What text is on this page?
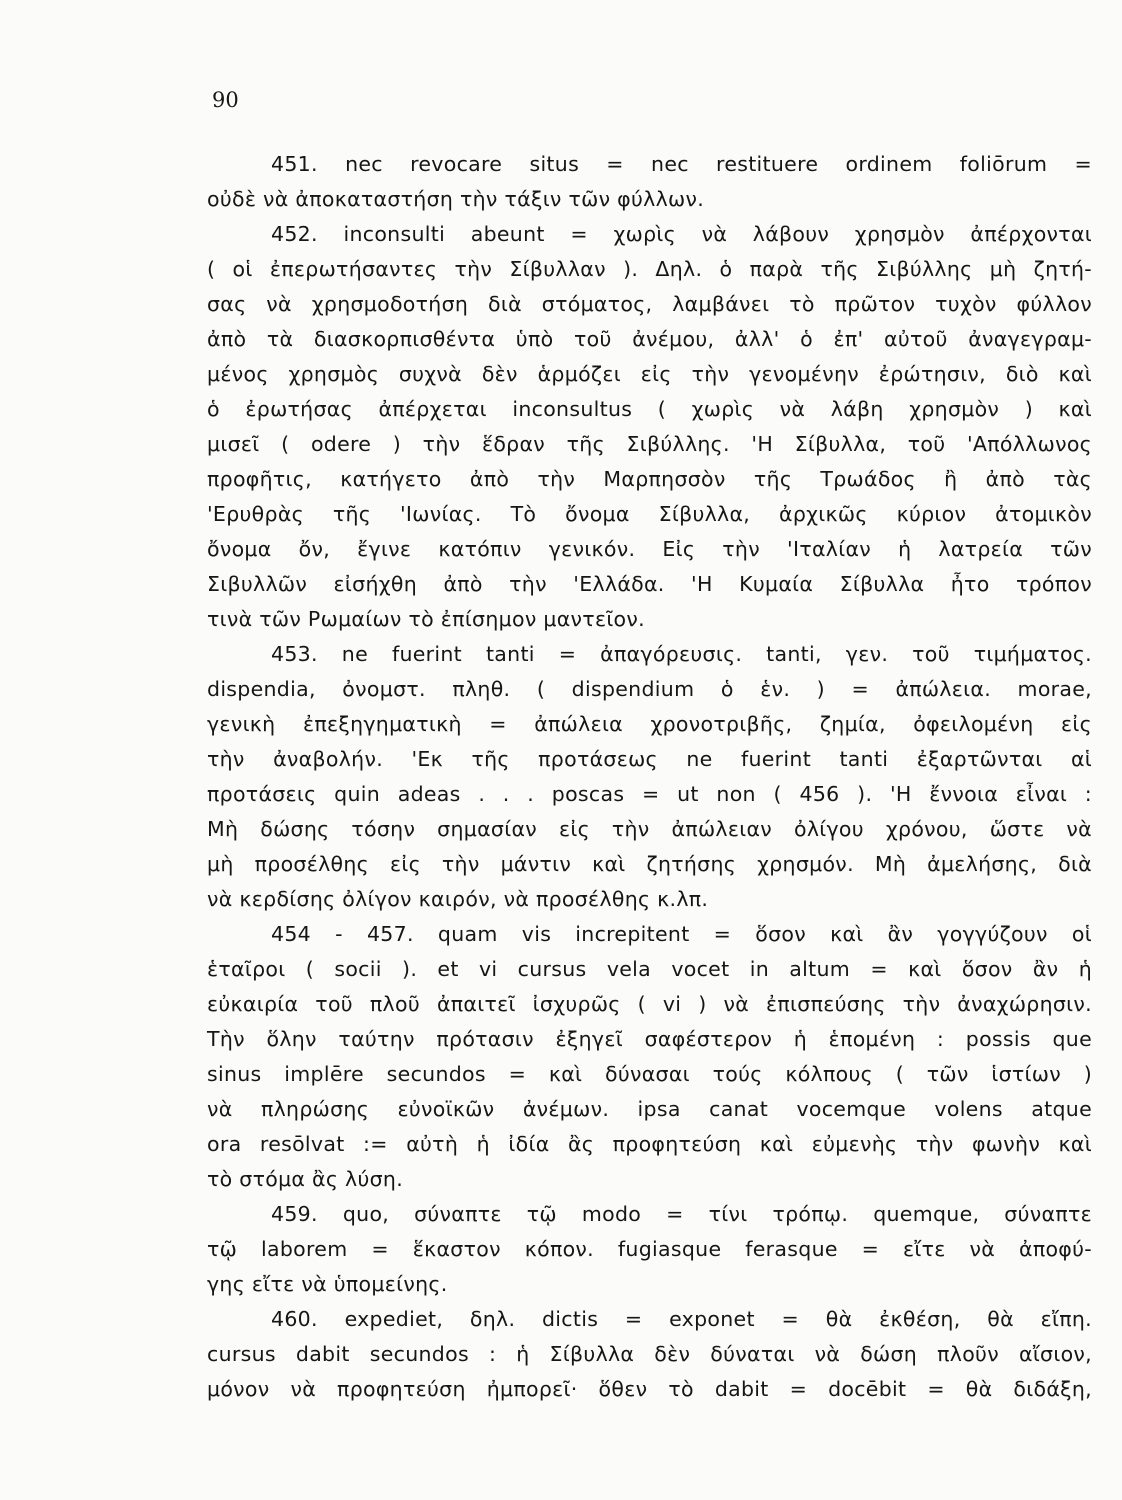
90

451. nec revocare situs = nec restituere ordinem foliōrum =
οὐδὲ νὰ ἀποκαταστήση τὴν τάξιν τῶν φύλλων.

452. inconsulti abeunt = χωρὶς νὰ λάβουν χρησμὸν ἀπέρχονται
( οἱ ἐπερωτήσαντες τὴν Σίβυλλαν ). Δηλ. ὁ παρὰ τῆς Σιβύλλης μὴ ζητή-
σας νὰ χρησμοδοτήση διὰ στόματος, λαμβάνει τὸ πρῶτον τυχὸν φύλλον
ἀπὸ τὰ διασκορπισθέντα ὑπὸ τοῦ ἀνέμου, ἀλλ' ὁ ἐπ' αὐτοῦ ἀναγεγραμ-
μένος χρησμὸς συχνὰ δὲν ἁρμόζει εἰς τὴν γενομένην ἐρώτησιν, διὸ καὶ
ὁ ἐρωτήσας ἀπέρχεται inconsultus ( χωρὶς νὰ λάβη χρησμὸν ) καὶ
μισεῖ ( odere ) τὴν ἕδραν τῆς Σιβύλλης. 'Η Σίβυλλα, τοῦ 'Απόλλωνος
προφῆτις, κατήγετο ἀπὸ τὴν Μαρπησσὸν τῆς Τρωάδος ἢ ἀπὸ τὰς
'Ερυθρὰς τῆς 'Ιωνίας. Τὸ ὄνομα Σίβυλλα, ἀρχικῶς κύριον ἀτομικὸν
ὄνομα ὄν, ἔγινε κατόπιν γενικόν. Εἰς τὴν 'Ιταλίαν ἡ λατρεία τῶν
Σιβυλλῶν εἰσήχθη ἀπὸ τὴν 'Ελλάδα. 'Η Κυμαία Σίβυλλα ἦτο τρόπον
τινὰ τῶν Ρωμαίων τὸ ἐπίσημον μαντεῖον.

453. ne fuerint tanti = ἀπαγόρευσις. tanti, γεν. τοῦ τιμήματος.
dispendia, ὀνομστ. πληθ. ( dispendium ὁ ἑν. ) = ἀπώλεια. morae,
γενικὴ ἐπεξηγηματικὴ = ἀπώλεια χρονοτριβῆς, ζημία, ὀφειλομένη εἰς
τὴν ἀναβολήν. 'Εκ τῆς προτάσεως ne fuerint tanti ἐξαρτῶνται αἱ
προτάσεις quin adeas . . . poscas = ut non ( 456 ). 'Η ἔννοια εἶναι :
Μὴ δώσης τόσην σημασίαν εἰς τὴν ἀπώλειαν ὀλίγου χρόνου, ὥστε νὰ
μὴ προσέλθης εἰς τὴν μάντιν καὶ ζητήσης χρησμόν. Μὴ ἀμελήσης, διὰ
νὰ κερδίσης ὀλίγον καιρόν, νὰ προσέλθης κ.λπ.

454 - 457. quam vis increpitent = ὅσον καὶ ἂν γογγύζουν οἱ
ἑταῖροι ( socii ). et vi cursus vela vocet in altum = καὶ ὅσον ἂν ἡ
εὐκαιρία τοῦ πλοῦ ἀπαιτεῖ ἰσχυρῶς ( vi ) νὰ ἐπισπεύσης τὴν ἀναχώρησιν.
Τὴν ὅλην ταύτην πρότασιν ἐξηγεῖ σαφέστερον ἡ ἑπομένη : possis que
sinus implēre secundos = καὶ δύνασαι τούς κόλπους ( τῶν ἱστίων )
νὰ πληρώσης εὐνοϊκῶν ἀνέμων. ipsa canat vocemque volens atque
ora resōlvat := αὐτὴ ἡ ἰδία ἂς προφητεύση καὶ εὐμενὴς τὴν φωνὴν καὶ
τὸ στόμα ἂς λύση.

459. quo, σύναπτε τῷ modo = τίνι τρόπῳ. quemque, σύναπτε
τῷ laborem = ἕκαστον κόπον. fugiasque ferasque = εἴτε νὰ ἀποφύ-
γης εἴτε νὰ ὑπομείνης.

460. expediet, δηλ. dictis = exponet = θὰ ἐκθέση, θὰ εἴπη.
cursus dabit secundos : ἡ Σίβυλλα δὲν δύναται νὰ δώση πλοῦν αἴσιον,
μόνον νὰ προφητεύση ἠμπορεῖ· ὅθεν τὸ dabit = docēbit = θὰ διδάξη,
